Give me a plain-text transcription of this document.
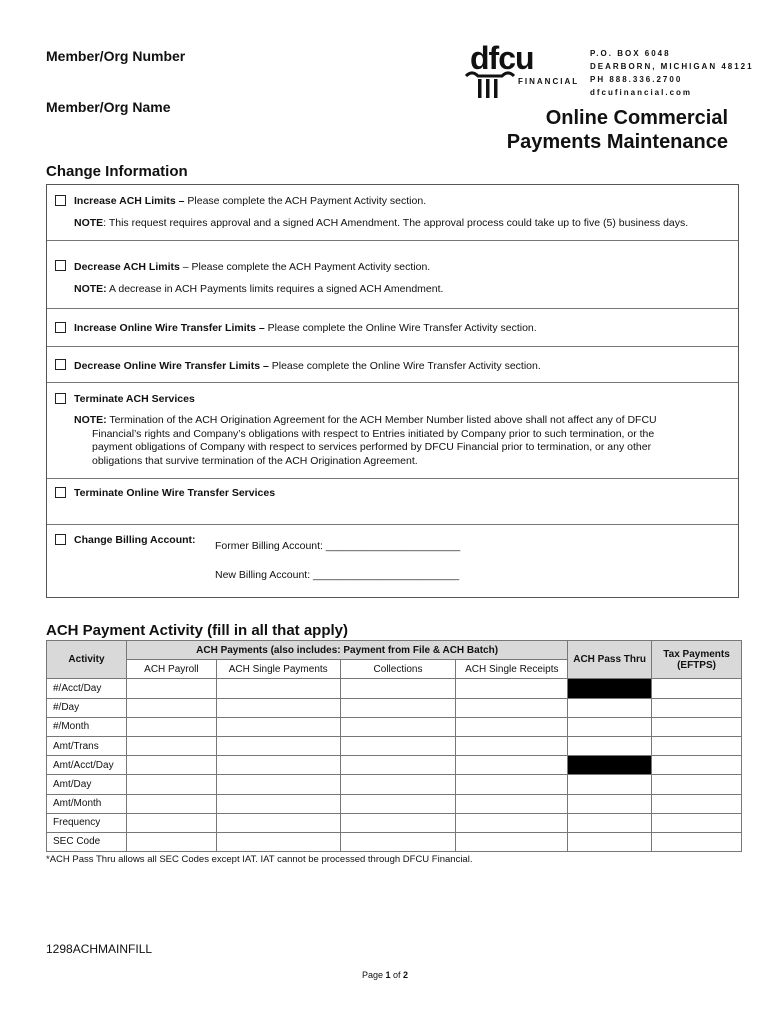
Member/Org Number
Member/Org Name
dfcu
FINANCIAL
P.O. BOX 6048
DEARBORN, MICHIGAN 48121
PH 888.336.2700
dfcufinancial.com
Online Commercial
Payments Maintenance
Change Information
Increase ACH Limits – Please complete the ACH Payment Activity section.
NOTE: This request requires approval and a signed ACH Amendment. The approval process could take up to five (5) business days.
Decrease ACH Limits – Please complete the ACH Payment Activity section.
NOTE: A decrease in ACH Payments limits requires a signed ACH Amendment.
Increase Online Wire Transfer Limits – Please complete the Online Wire Transfer Activity section.
Decrease Online Wire Transfer Limits – Please complete the Online Wire Transfer Activity section.
Terminate ACH Services
NOTE: Termination of the ACH Origination Agreement for the ACH Member Number listed above shall not affect any of DFCU
Financial’s rights and Company’s obligations with respect to Entries initiated by Company prior to such termination, or the
payment obligations of Company with respect to services performed by DFCU Financial prior to termination, or any other
obligations that survive termination of the ACH Origination Agreement.
Terminate Online Wire Transfer Services
Change Billing Account: Former Billing Account: _______________________
New Billing Account: _________________________
ACH Payment Activity (fill in all that apply)
Activity	ACH Payments (also includes: Payment from File & ACH Batch)				ACH Pass Thru	Tax Payments (EFTPS)
	ACH Payroll	ACH Single Payments	Collections	ACH Single Receipts		
#/Acct/Day						
#/Day						
#/Month						
Amt/Trans						
Amt/Acct/Day						
Amt/Day						
Amt/Month						
Frequency						
SEC Code						
*ACH Pass Thru allows all SEC Codes except IAT. IAT cannot be processed through DFCU Financial.
1298ACHMAINFILL
Page 1 of 2
